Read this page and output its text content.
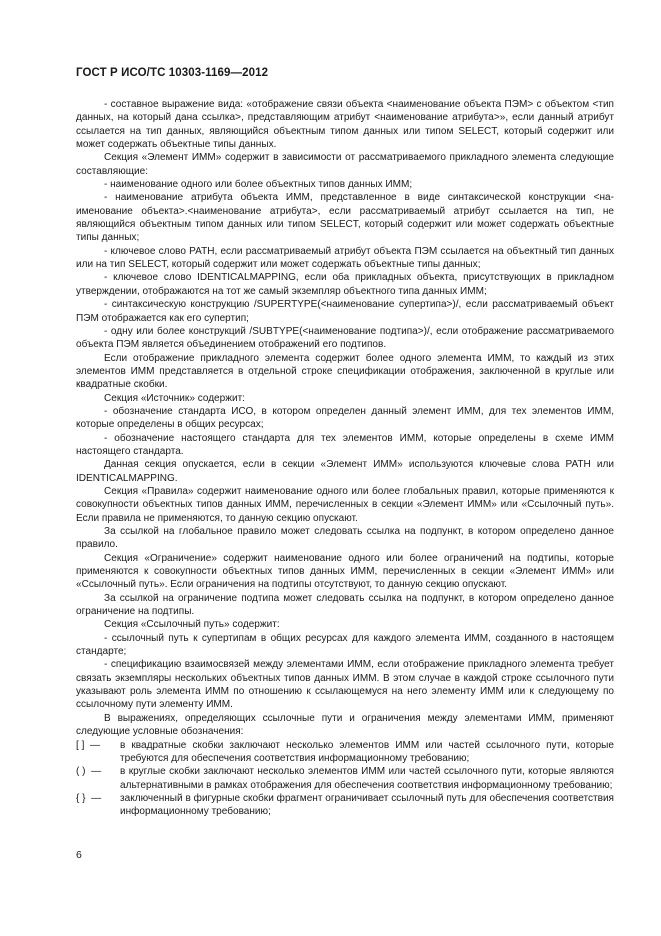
ГОСТ Р ИСО/ТС 10303-1169—2012

- составное выражение вида: «отображение связи объекта <наименование объекта ПЭМ> с объектом <тип данных, на который дана ссылка>, представляющим атрибут <наименование атрибута>», если данный атрибут ссылается на тип данных, являющийся объектным типом данных или типом SELECT, который содержит или может содержать объектные типы данных.

Секция «Элемент ИММ» содержит в зависимости от рассматриваемого прикладного элемента следующие составляющие:

- наименование одного или более объектных типов данных ИММ;

- наименование атрибута объекта ИММ, представленное в виде синтаксической конструкции <наименование объекта>.<наименование атрибута>, если рассматриваемый атрибут ссылается на тип, не являющийся объектным типом данных или типом SELECT, который содержит или может содержать объектные типы данных;

- ключевое слово PATH, если рассматриваемый атрибут объекта ПЭМ ссылается на объектный тип данных или на тип SELECT, который содержит или может содержать объектные типы данных;

- ключевое слово IDENTICALMAPPING, если оба прикладных объекта, присутствующих в прикладном утверждении, отображаются на тот же самый экземпляр объектного типа данных ИММ;

- синтаксическую конструкцию /SUPERTYPE(<наименование супертипа>)/, если рассматриваемый объект ПЭМ отображается как его супертип;

- одну или более конструкций /SUBTYPE(<наименование подтипа>)/, если отображение рассматриваемого объекта ПЭМ является объединением отображений его подтипов.

Если отображение прикладного элемента содержит более одного элемента ИММ, то каждый из этих элементов ИММ представляется в отдельной строке спецификации отображения, заключенной в круглые или квадратные скобки.

Секция «Источник» содержит:

- обозначение стандарта ИСО, в котором определен данный элемент ИММ, для тех элементов ИММ, которые определены в общих ресурсах;

- обозначение настоящего стандарта для тех элементов ИММ, которые определены в схеме ИММ настоящего стандарта.

Данная секция опускается, если в секции «Элемент ИММ» используются ключевые слова PATH или IDENTICALMAPPING.

Секция «Правила» содержит наименование одного или более глобальных правил, которые применяются к совокупности объектных типов данных ИММ, перечисленных в секции «Элемент ИММ» или «Ссылочный путь». Если правила не применяются, то данную секцию опускают.

За ссылкой на глобальное правило может следовать ссылка на подпункт, в котором определено данное правило.

Секция «Ограничение» содержит наименование одного или более ограничений на подтипы, которые применяются к совокупности объектных типов данных ИММ, перечисленных в секции «Элемент ИММ» или «Ссылочный путь». Если ограничения на подтипы отсутствуют, то данную секцию опускают.

За ссылкой на ограничение подтипа может следовать ссылка на подпункт, в котором определено данное ограничение на подтипы.

Секция «Ссылочный путь» содержит:

- ссылочный путь к супертипам в общих ресурсах для каждого элемента ИММ, созданного в настоящем стандарте;

- спецификацию взаимосвязей между элементами ИММ, если отображение прикладного элемента требует связать экземпляры нескольких объектных типов данных ИММ. В этом случае в каждой строке ссылочного пути указывают роль элемента ИММ по отношению к ссылающемуся на него элементу ИММ или к следующему по ссылочному пути элементу ИММ.

В выражениях, определяющих ссылочные пути и ограничения между элементами ИММ, применяют следующие условные обозначения:

[ ]  —	в квадратные скобки заключают несколько элементов ИММ или частей ссылочного пути, которые требуются для обеспечения соответствия информационному требованию;
( )  —	в круглые скобки заключают несколько элементов ИММ или частей ссылочного пути, которые являются альтернативными в рамках отображения для обеспечения соответствия информационному требованию;
{ }  —	заключенный в фигурные скобки фрагмент ограничивает ссылочный путь для обеспечения соответствия информационному требованию;
6
